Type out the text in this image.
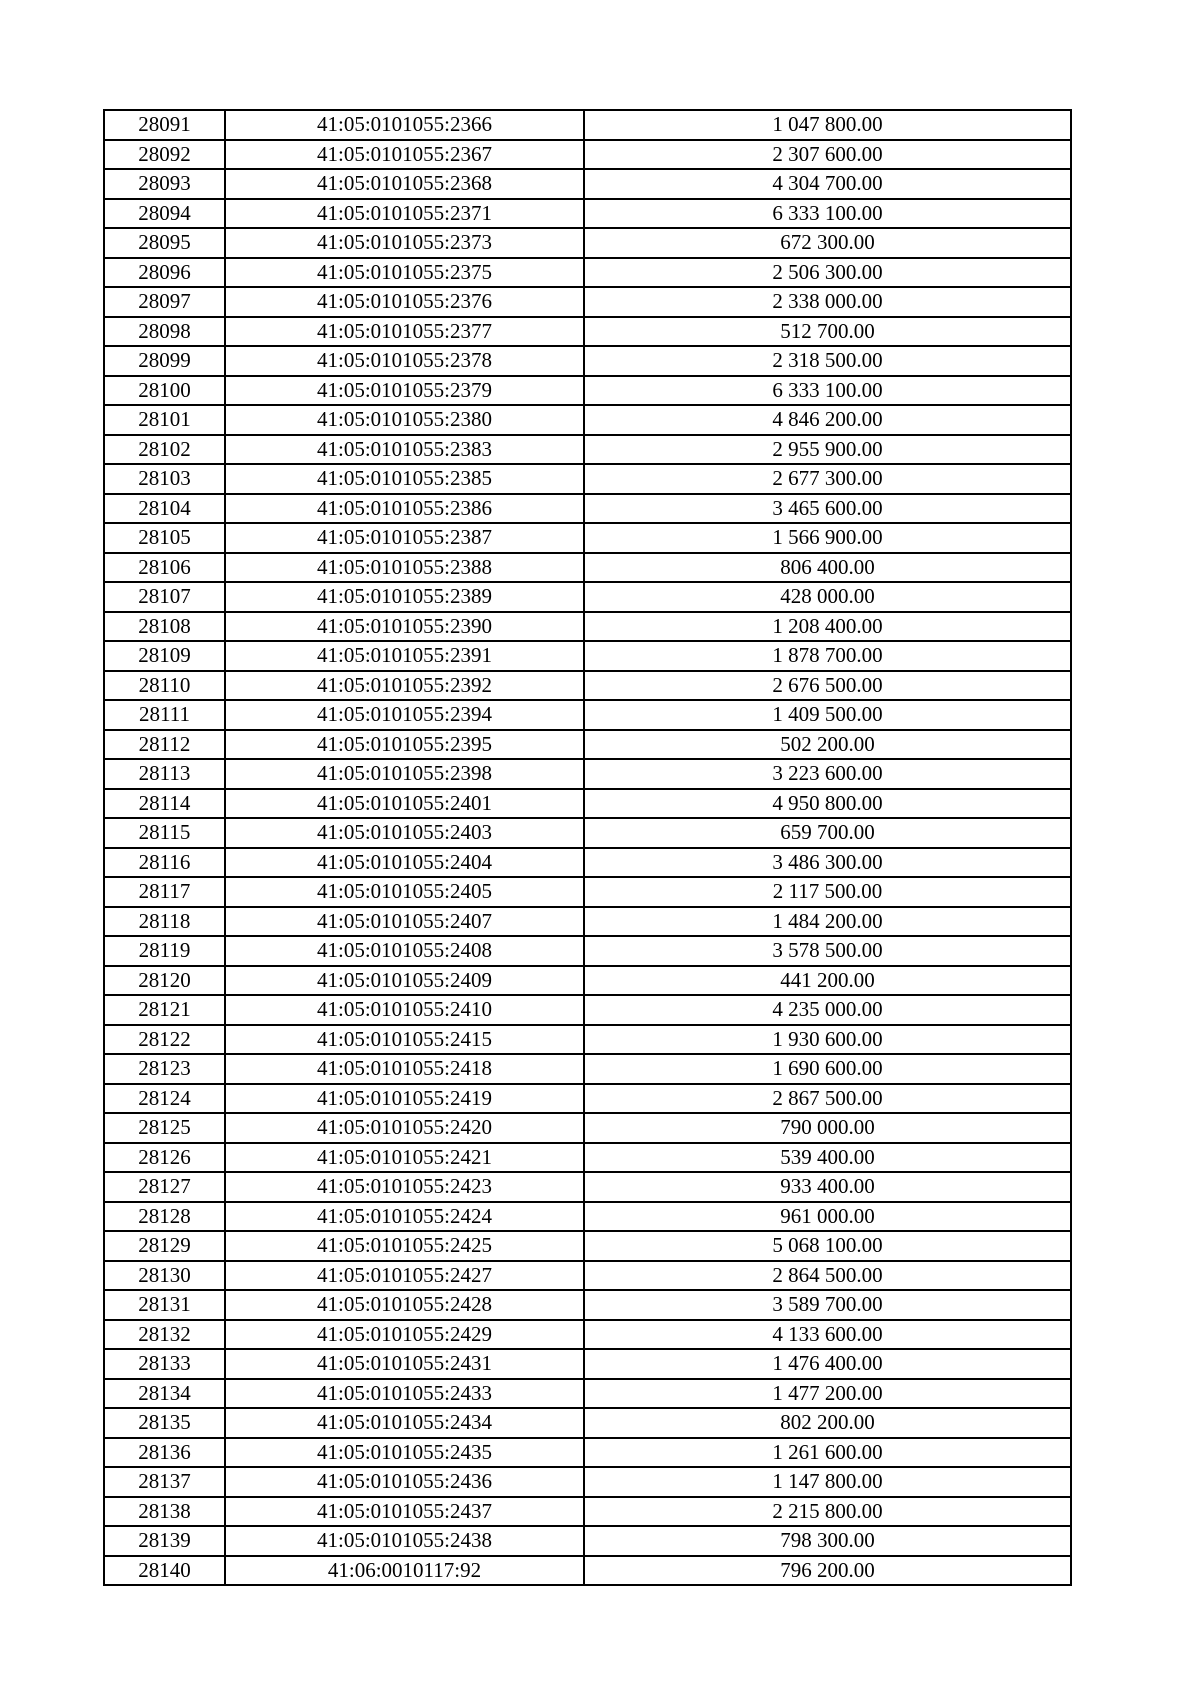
28091	41:05:0101055:2366	1 047 800.00
28092	41:05:0101055:2367	2 307 600.00
28093	41:05:0101055:2368	4 304 700.00
28094	41:05:0101055:2371	6 333 100.00
28095	41:05:0101055:2373	672 300.00
28096	41:05:0101055:2375	2 506 300.00
28097	41:05:0101055:2376	2 338 000.00
28098	41:05:0101055:2377	512 700.00
28099	41:05:0101055:2378	2 318 500.00
28100	41:05:0101055:2379	6 333 100.00
28101	41:05:0101055:2380	4 846 200.00
28102	41:05:0101055:2383	2 955 900.00
28103	41:05:0101055:2385	2 677 300.00
28104	41:05:0101055:2386	3 465 600.00
28105	41:05:0101055:2387	1 566 900.00
28106	41:05:0101055:2388	806 400.00
28107	41:05:0101055:2389	428 000.00
28108	41:05:0101055:2390	1 208 400.00
28109	41:05:0101055:2391	1 878 700.00
28110	41:05:0101055:2392	2 676 500.00
28111	41:05:0101055:2394	1 409 500.00
28112	41:05:0101055:2395	502 200.00
28113	41:05:0101055:2398	3 223 600.00
28114	41:05:0101055:2401	4 950 800.00
28115	41:05:0101055:2403	659 700.00
28116	41:05:0101055:2404	3 486 300.00
28117	41:05:0101055:2405	2 117 500.00
28118	41:05:0101055:2407	1 484 200.00
28119	41:05:0101055:2408	3 578 500.00
28120	41:05:0101055:2409	441 200.00
28121	41:05:0101055:2410	4 235 000.00
28122	41:05:0101055:2415	1 930 600.00
28123	41:05:0101055:2418	1 690 600.00
28124	41:05:0101055:2419	2 867 500.00
28125	41:05:0101055:2420	790 000.00
28126	41:05:0101055:2421	539 400.00
28127	41:05:0101055:2423	933 400.00
28128	41:05:0101055:2424	961 000.00
28129	41:05:0101055:2425	5 068 100.00
28130	41:05:0101055:2427	2 864 500.00
28131	41:05:0101055:2428	3 589 700.00
28132	41:05:0101055:2429	4 133 600.00
28133	41:05:0101055:2431	1 476 400.00
28134	41:05:0101055:2433	1 477 200.00
28135	41:05:0101055:2434	802 200.00
28136	41:05:0101055:2435	1 261 600.00
28137	41:05:0101055:2436	1 147 800.00
28138	41:05:0101055:2437	2 215 800.00
28139	41:05:0101055:2438	798 300.00
28140	41:06:0010117:92	796 200.00
